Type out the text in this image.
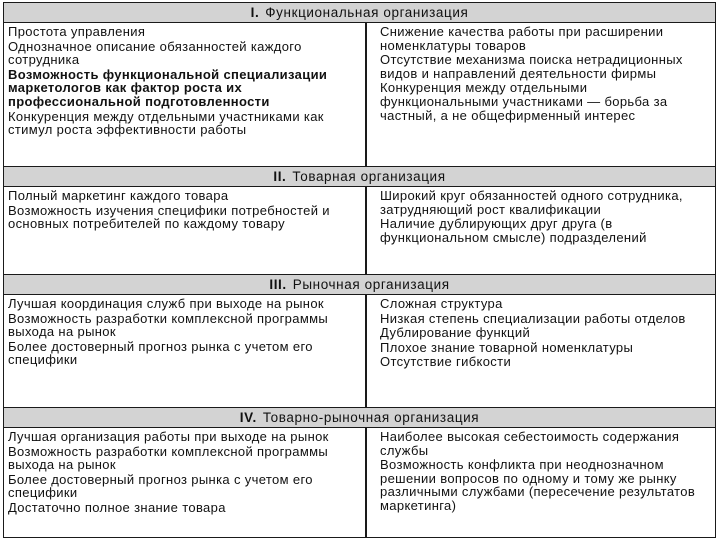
I. Функциональная организация
Простота управления
Однозначное описание обязанностей каждого сотрудника
Возможность функциональной специализации маркетологов как фактор роста их профессиональной подготовленности
Конкуренция между отдельными участниками как стимул роста эффективности работы
Снижение качества работы при расширении номенклатуры товаров
Отсутствие механизма поиска нетрадиционных видов и направлений деятельности фирмы
Конкуренция между отдельными функциональными участниками — борьба за частный, а не общефирменный интерес
II. Товарная организация
Полный маркетинг каждого товара
Возможность изучения специфики потребностей и основных потребителей по каждому товару
Широкий круг обязанностей одного сотрудника, затрудняющий рост квалификации
Наличие дублирующих друг друга (в функциональном смысле) подразделений
III. Рыночная организация
Лучшая координация служб при выходе на рынок
Возможность разработки комплексной программы выхода на рынок
Более достоверный прогноз рынка с учетом его специфики
Сложная структура
Низкая степень специализации работы отделов
Дублирование функций
Плохое знание товарной номенклатуры
Отсутствие гибкости
IV. Товарно-рыночная организация
Лучшая организация работы при выходе на рынок
Возможность разработки комплексной программы выхода на рынок
Более достоверный прогноз рынка с учетом его специфики
Достаточно полное знание товара
Наиболее высокая себестоимость содержания службы
Возможность конфликта при неоднозначном решении вопросов по одному и тому же рынку различными службами (пересечение результатов маркетинга)
